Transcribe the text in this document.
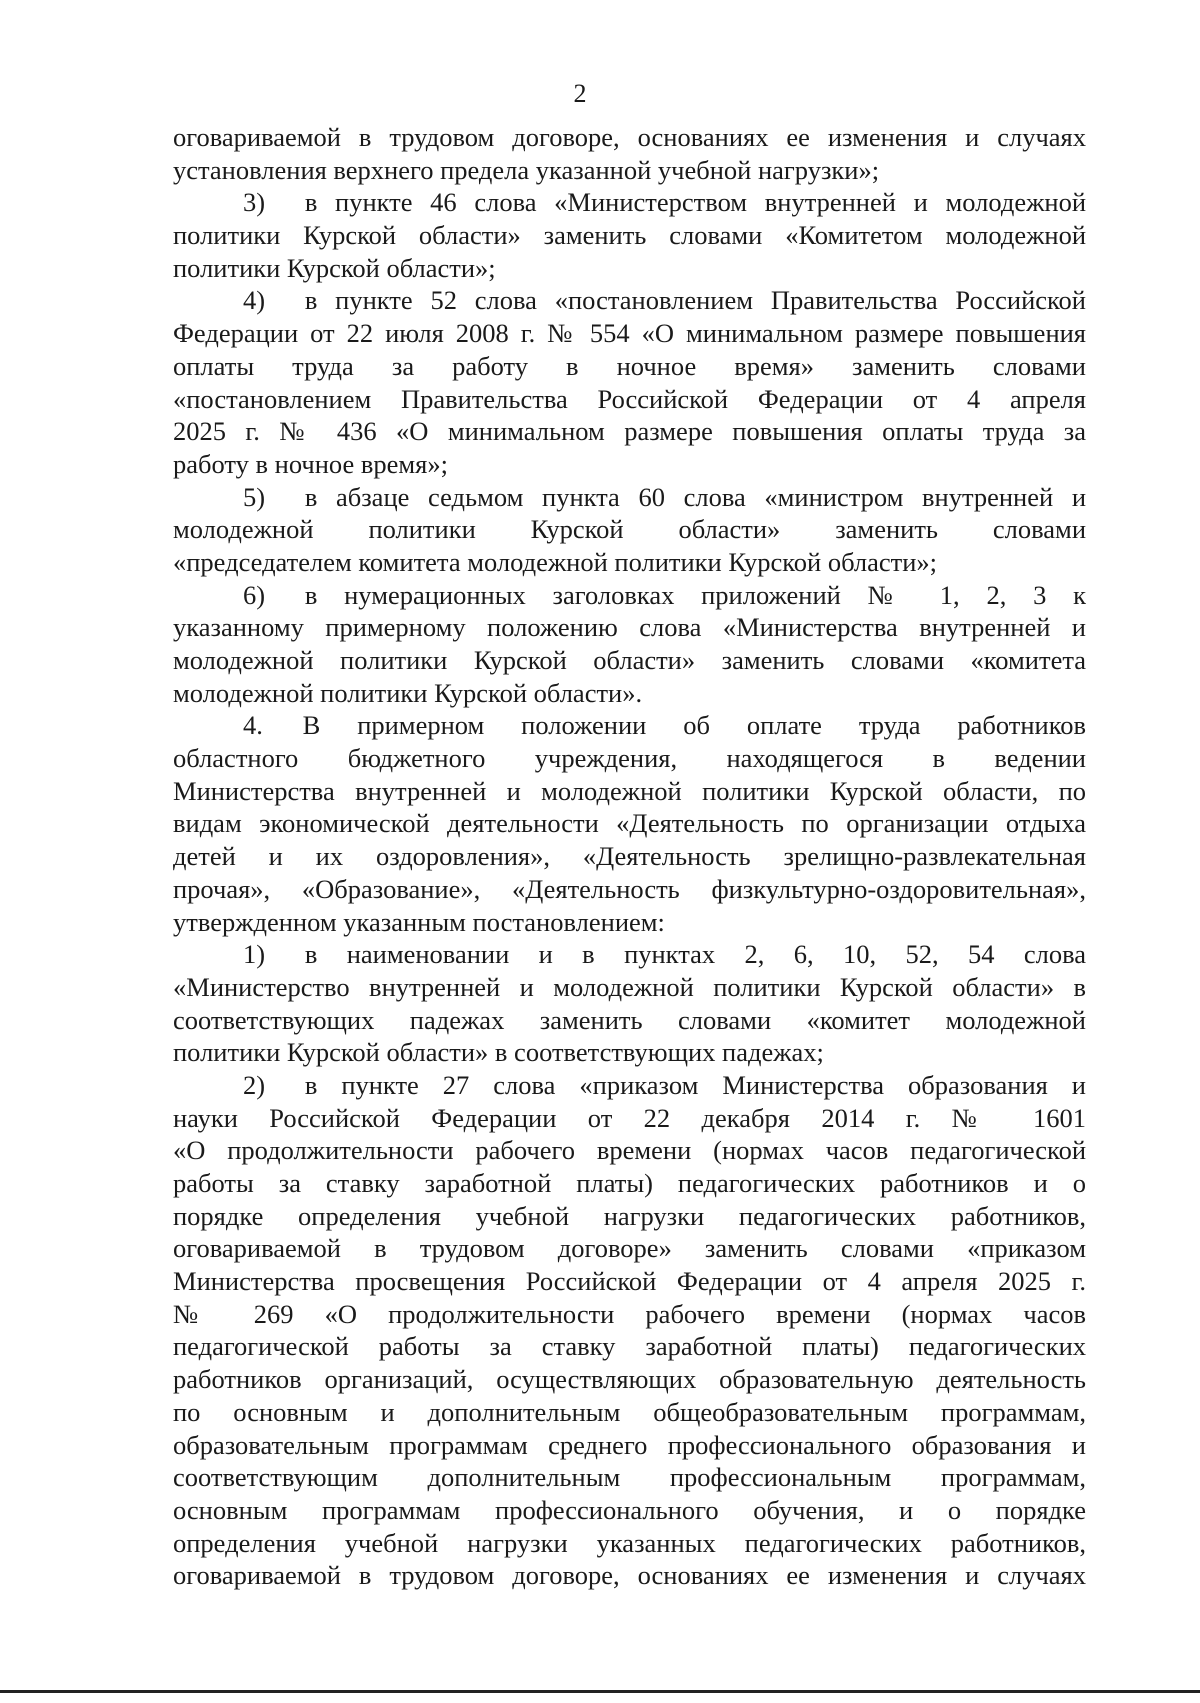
2
оговариваемой в трудовом договоре, основаниях ее изменения и случаях
установления верхнего предела указанной учебной нагрузки»;
3)  в пункте 46 слова «Министерством внутренней и молодежной
политики Курской области» заменить словами «Комитетом молодежной
политики Курской области»;
4)  в пункте 52 слова «постановлением Правительства Российской
Федерации от 22 июля 2008 г. № 554 «О минимальном размере повышения
оплаты труда за работу в ночное время» заменить словами
«постановлением Правительства Российской Федерации от 4 апреля
2025 г. № 436 «О минимальном размере повышения оплаты труда за
работу в ночное время»;
5)  в абзаце седьмом пункта 60 слова «министром внутренней и
молодежной политики Курской области» заменить словами
«председателем комитета молодежной политики Курской области»;
6)  в нумерационных заголовках приложений № 1, 2, 3 к
указанному примерному положению слова «Министерства внутренней и
молодежной политики Курской области» заменить словами «комитета
молодежной политики Курской области».
4.  В примерном положении об оплате труда работников
областного бюджетного учреждения, находящегося в ведении
Министерства внутренней и молодежной политики Курской области, по
видам экономической деятельности «Деятельность по организации отдыха
детей и их оздоровления», «Деятельность зрелищно-развлекательная
прочая», «Образование», «Деятельность физкультурно-оздоровительная»,
утвержденном указанным постановлением:
1)  в наименовании и в пунктах 2, 6, 10, 52, 54 слова
«Министерство внутренней и молодежной политики Курской области» в
соответствующих падежах заменить словами «комитет молодежной
политики Курской области» в соответствующих падежах;
2)  в пункте 27 слова «приказом Министерства образования и
науки Российской Федерации от 22 декабря 2014 г. № 1601
«О продолжительности рабочего времени (нормах часов педагогической
работы за ставку заработной платы) педагогических работников и о
порядке определения учебной нагрузки педагогических работников,
оговариваемой в трудовом договоре» заменить словами «приказом
Министерства просвещения Российской Федерации от 4 апреля 2025 г.
№ 269 «О продолжительности рабочего времени (нормах часов
педагогической работы за ставку заработной платы) педагогических
работников организаций, осуществляющих образовательную деятельность
по основным и дополнительным общеобразовательным программам,
образовательным программам среднего профессионального образования и
соответствующим дополнительным профессиональным программам,
основным программам профессионального обучения, и о порядке
определения учебной нагрузки указанных педагогических работников,
оговариваемой в трудовом договоре, основаниях ее изменения и случаях
